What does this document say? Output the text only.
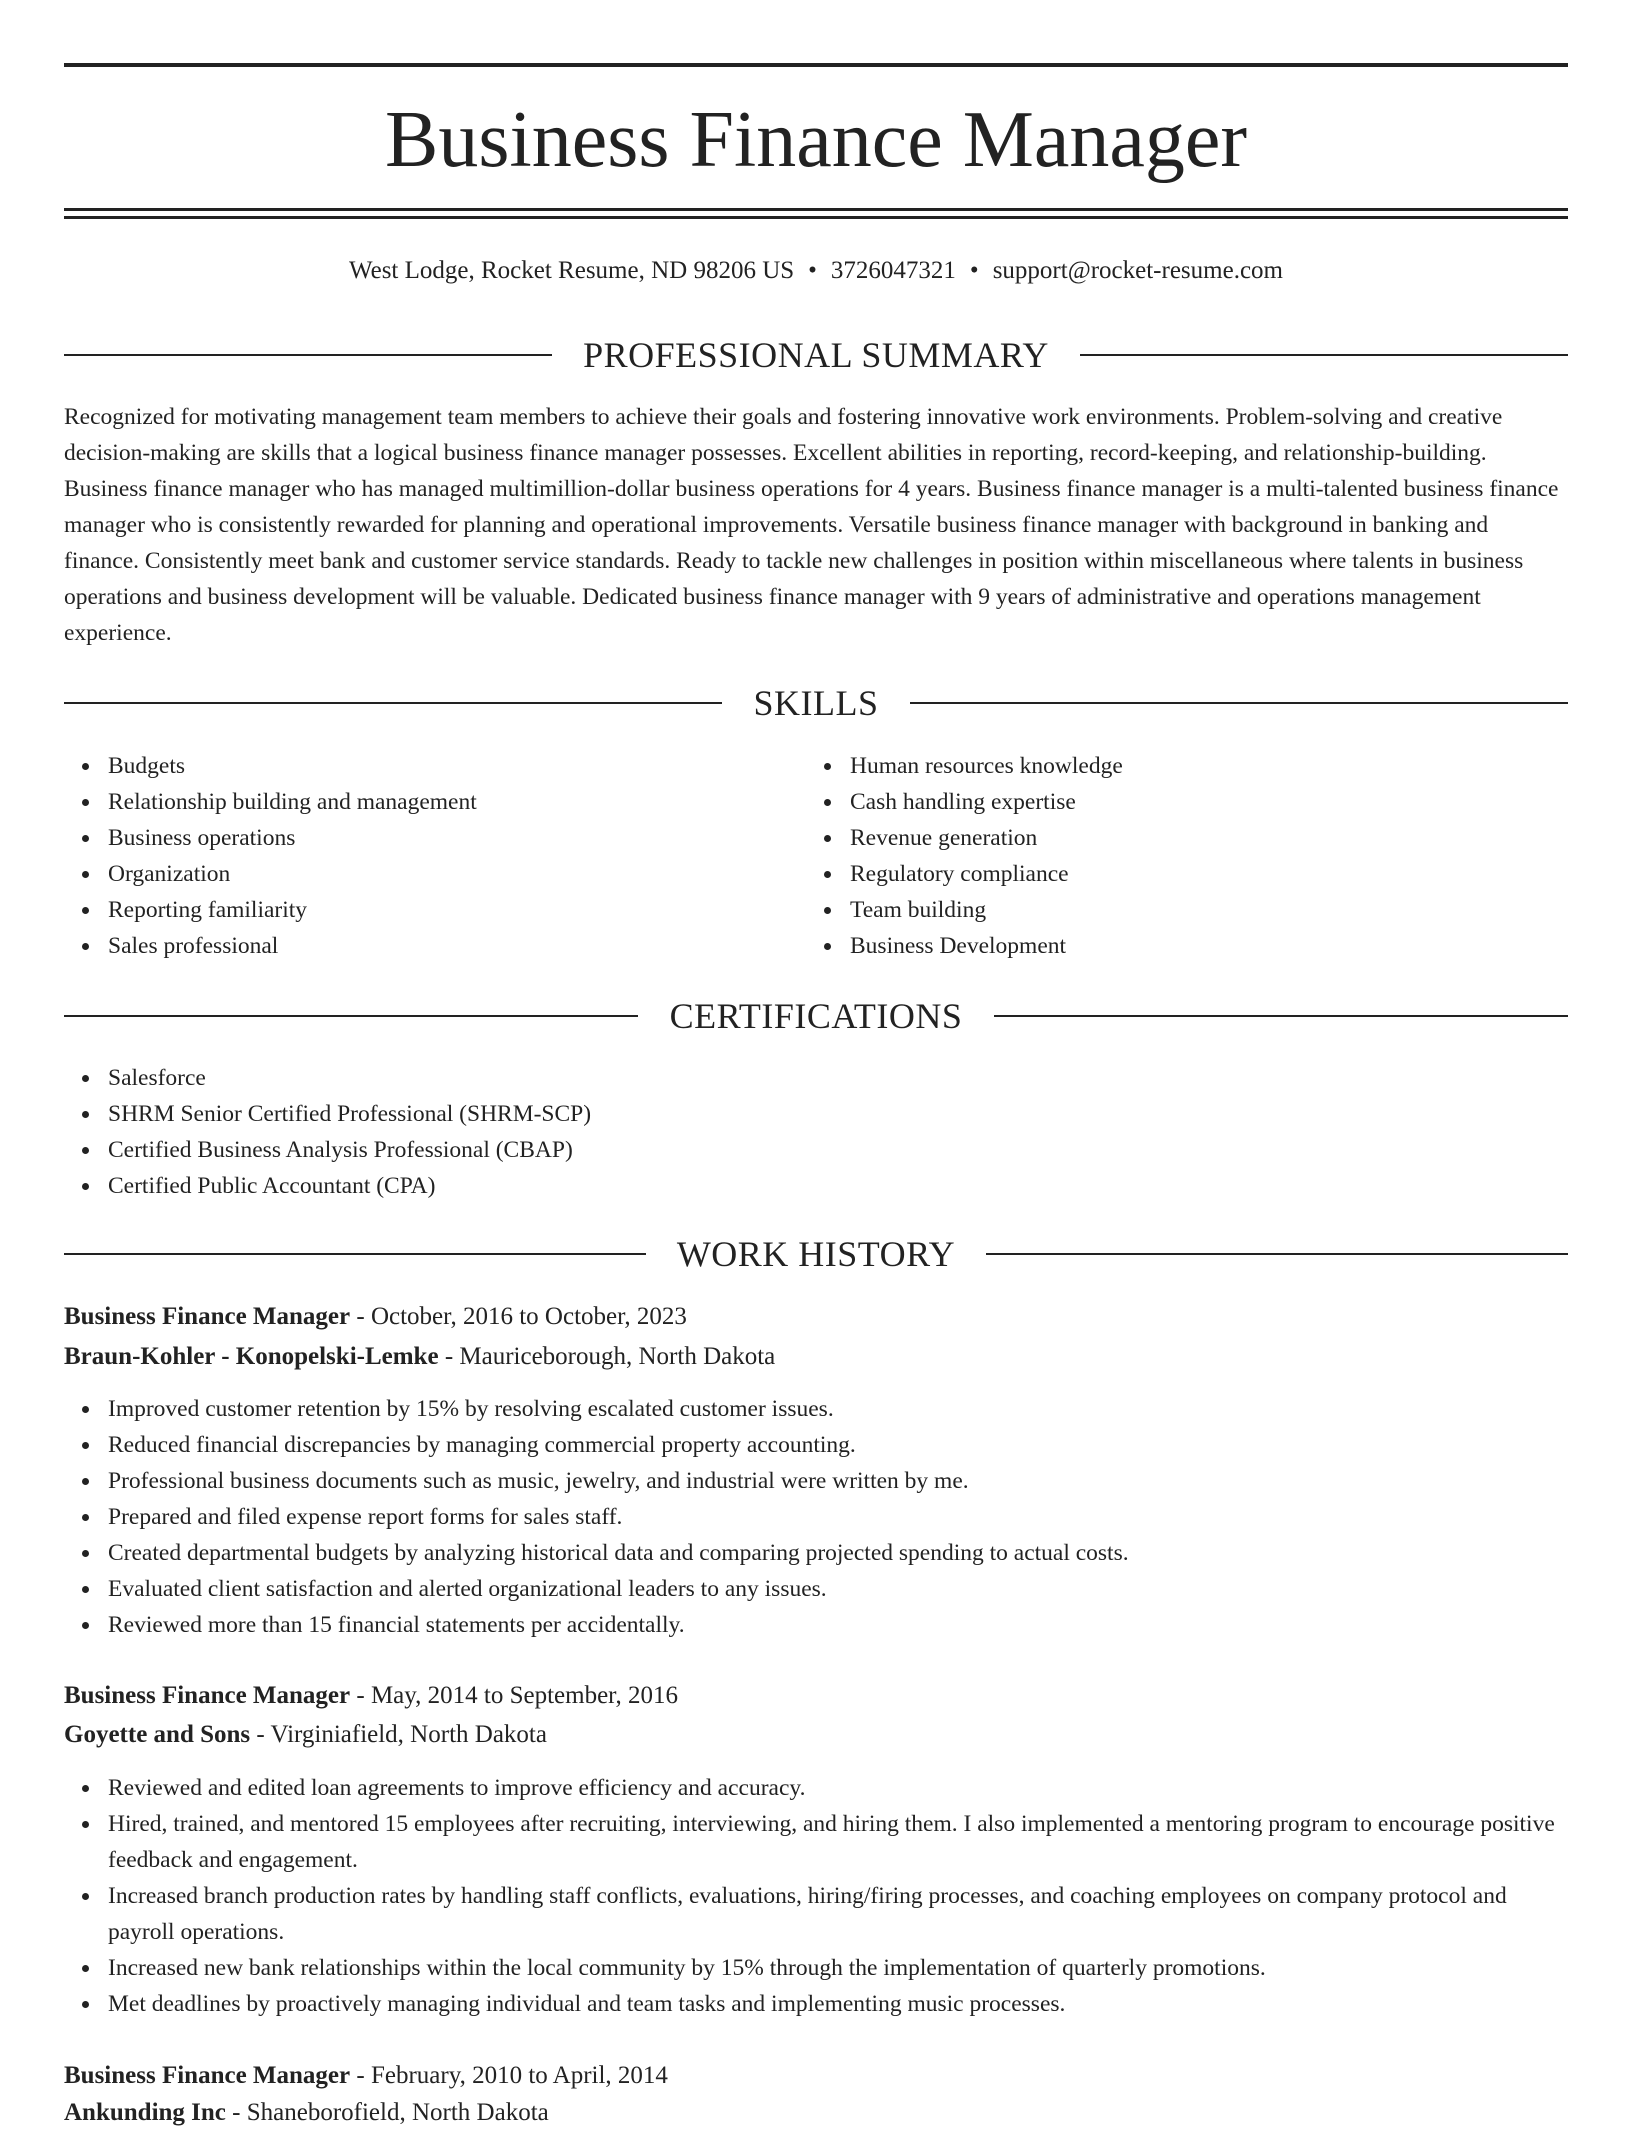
Business Finance Manager
West Lodge, Rocket Resume, ND 98206 US • 3726047321 • support@rocket-resume.com
PROFESSIONAL SUMMARY

Recognized for motivating management team members to achieve their goals and fostering innovative work environments. Problem-solving and creative decision-making are skills that a logical business finance manager possesses. Excellent abilities in reporting, record-keeping, and relationship-building. Business finance manager who has managed multimillion-dollar business operations for 4 years. Business finance manager is a multi-talented business finance manager who is consistently rewarded for planning and operational improvements. Versatile business finance manager with background in banking and finance. Consistently meet bank and customer service standards. Ready to tackle new challenges in position within miscellaneous where talents in business operations and business development will be valuable. Dedicated business finance manager with 9 years of administrative and operations management experience.

SKILLS
Budgets
Relationship building and management
Business operations
Organization
Reporting familiarity
Sales professional
Human resources knowledge
Cash handling expertise
Revenue generation
Regulatory compliance
Team building
Business Development
CERTIFICATIONS
Salesforce
SHRM Senior Certified Professional (SHRM-SCP)
Certified Business Analysis Professional (CBAP)
Certified Public Accountant (CPA)
WORK HISTORY
Business Finance Manager - October, 2016 to October, 2023
Braun-Kohler - Konopelski-Lemke - Mauriceborough, North Dakota
Improved customer retention by 15% by resolving escalated customer issues.
Reduced financial discrepancies by managing commercial property accounting.
Professional business documents such as music, jewelry, and industrial were written by me.
Prepared and filed expense report forms for sales staff.
Created departmental budgets by analyzing historical data and comparing projected spending to actual costs.
Evaluated client satisfaction and alerted organizational leaders to any issues.
Reviewed more than 15 financial statements per accidentally.
Business Finance Manager - May, 2014 to September, 2016
Goyette and Sons - Virginiafield, North Dakota
Reviewed and edited loan agreements to improve efficiency and accuracy.
Hired, trained, and mentored 15 employees after recruiting, interviewing, and hiring them. I also implemented a mentoring program to encourage positive feedback and engagement.
Increased branch production rates by handling staff conflicts, evaluations, hiring/firing processes, and coaching employees on company protocol and payroll operations.
Increased new bank relationships within the local community by 15% through the implementation of quarterly promotions.
Met deadlines by proactively managing individual and team tasks and implementing music processes.
Business Finance Manager - February, 2010 to April, 2014
Ankunding Inc - Shaneborofield, North Dakota
